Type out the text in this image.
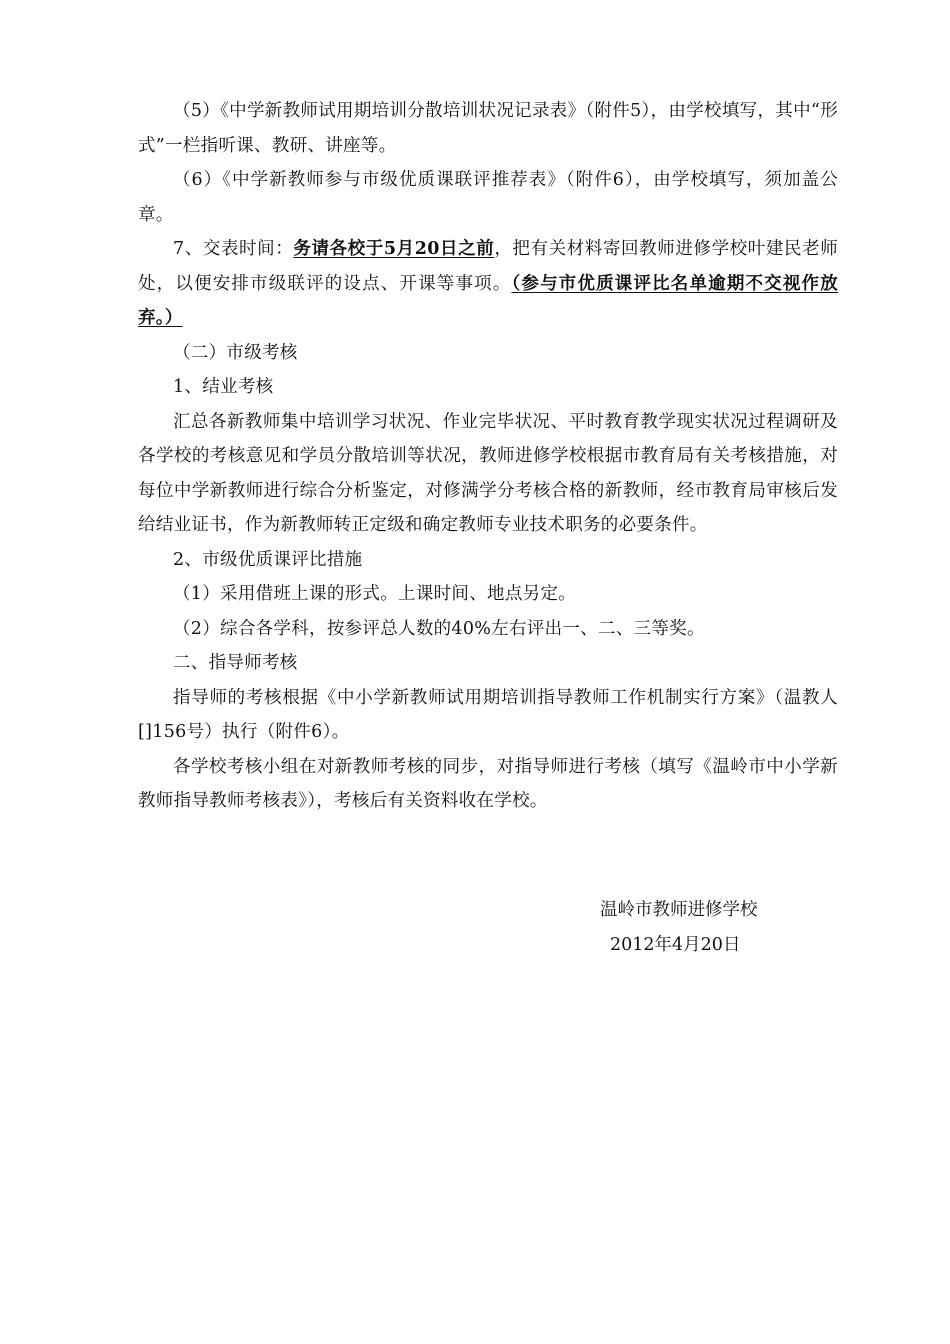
（5）《中学新教师试用期培训分散培训状况记录表》（附件5），由学校填写，其中“形式”一栏指听课、教研、讲座等。

（6）《中学新教师参与市级优质课联评推荐表》（附件6），由学校填写，须加盖公章。

7、交表时间：务请各校于5月20日之前，把有关材料寄回教师进修学校叶建民老师处，以便安排市级联评的设点、开课等事项。（参与市优质课评比名单逾期不交视作放弃。）

（二）市级考核

1、结业考核

汇总各新教师集中培训学习状况、作业完毕状况、平时教育教学现实状况过程调研及各学校的考核意见和学员分散培训等状况，教师进修学校根据市教育局有关考核措施，对每位中学新教师进行综合分析鉴定，对修满学分考核合格的新教师，经市教育局审核后发给结业证书，作为新教师转正定级和确定教师专业技术职务的必要条件。

2、市级优质课评比措施

（1）采用借班上课的形式。上课时间、地点另定。

（2）综合各学科，按参评总人数的40%左右评出一、二、三等奖。

二、指导师考核

指导师的考核根据《中小学新教师试用期培训指导教师工作机制实行方案》（温教人[]156号）执行（附件6）。

各学校考核小组在对新教师考核的同步，对指导师进行考核（填写《温岭市中小学新教师指导教师考核表》），考核后有关资料收在学校。

温岭市教师进修学校

2012年4月20日
